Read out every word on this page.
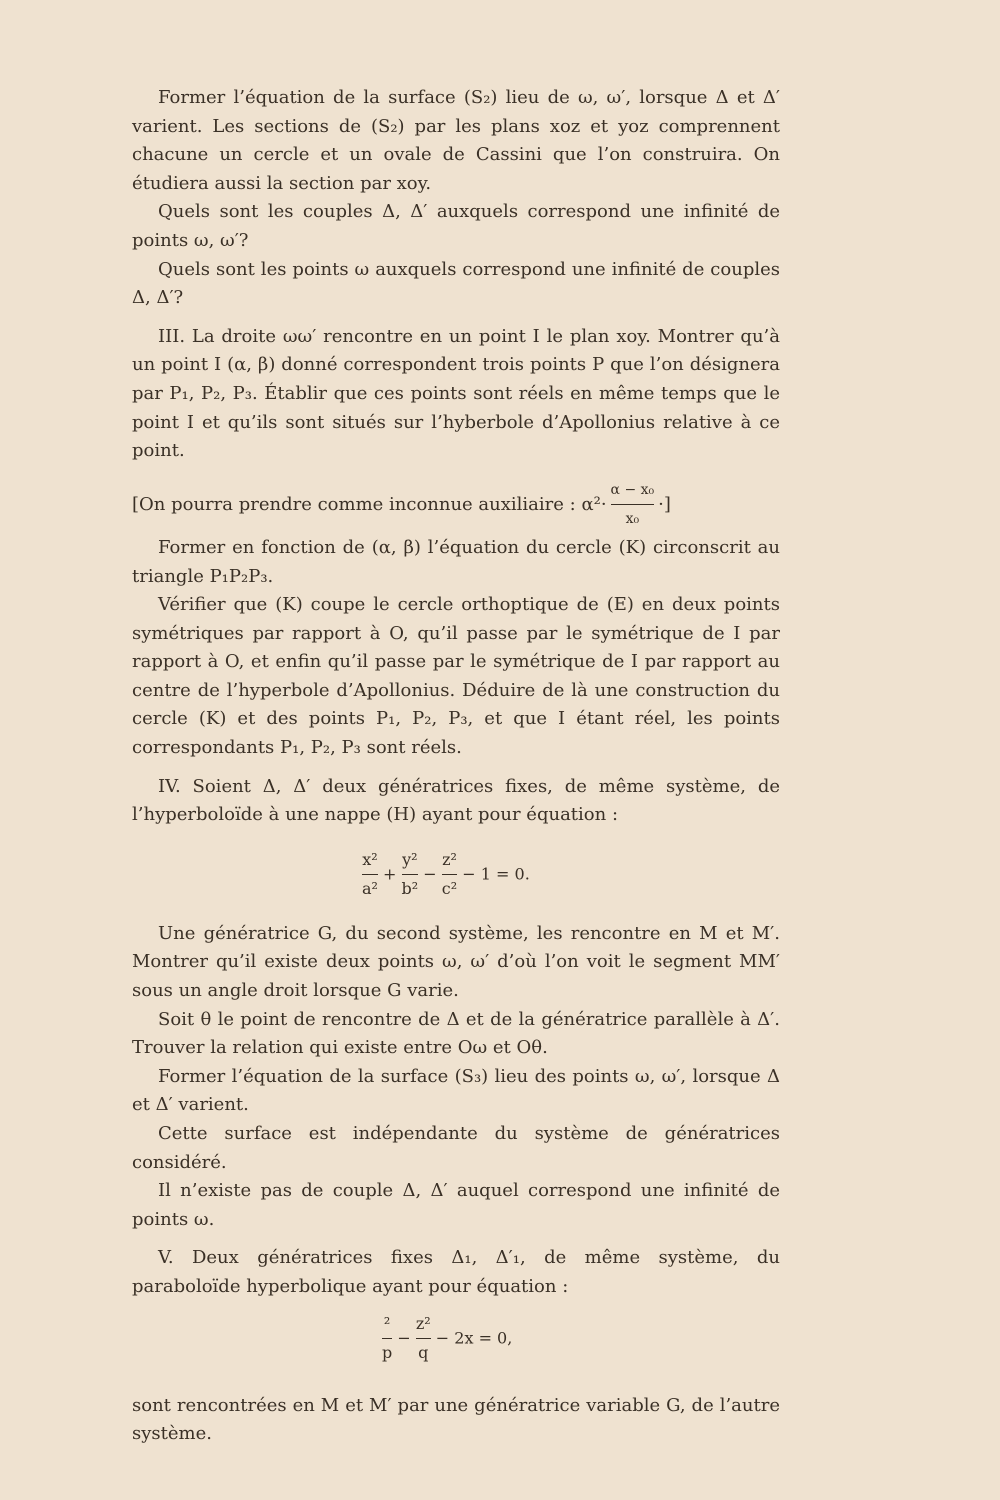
Former l’équation de la surface (S₂) lieu de ω, ω′, lorsque Δ et Δ′ varient. Les sections de (S₂) par les plans xoz et yoz comprennent chacune un cercle et un ovale de Cassini que l’on construira. On étudiera aussi la section par xoy.

Quels sont les couples Δ, Δ′ auxquels correspond une infinité de points ω, ω′?

Quels sont les points ω auxquels correspond une infinité de couples Δ, Δ′?

III. La droite ωω′ rencontre en un point I le plan xoy. Montrer qu’à un point I (α, β) donné correspondent trois points P que l’on désignera par P₁, P₂, P₃. Établir que ces points sont réels en même temps que le point I et qu’ils sont situés sur l’hyberbole d’Apollonius relative à ce point.

[On pourra prendre comme inconnue auxiliaire : $\alpha^2\cdot \frac{\text{α − x₀}}{\text{x₀}}$ ·]

Former en fonction de (α, β) l’équation du cercle (K) circonscrit au triangle P₁P₂P₃.

Vérifier que (K) coupe le cercle orthoptique de (E) en deux points symétriques par rapport à O, qu’il passe par le symétrique de I par rapport à O, et enfin qu’il passe par le symétrique de I par rapport au centre de l’hyperbole d’Apollonius. Déduire de là une construction du cercle (K) et des points P₁, P₂, P₃, et que I étant réel, les points correspondants P₁, P₂, P₃ sont réels.

IV. Soient Δ, Δ′ deux génératrices fixes, de même système, de l’hyperboloïde à une nappe (H) ayant pour équation :

$\frac{\text{x²}}{\text{a²}} + \frac{\text{y²}}{\text{b²}} - \frac{\text{z²}}{\text{c²}} - 1 = 0$.

Une génératrice G, du second système, les rencontre en M et M′. Montrer qu’il existe deux points ω, ω′ d’où l’on voit le segment MM′ sous un angle droit lorsque G varie.

Soit θ le point de rencontre de Δ et de la génératrice parallèle à Δ′. Trouver la relation qui existe entre Oω et Oθ.

Former l’équation de la surface (S₃) lieu des points ω, ω′, lorsque Δ et Δ′ varient.

Cette surface est indépendante du système de génératrices considéré.

Il n’existe pas de couple Δ, Δ′ auquel correspond une infinité de points ω.

V. Deux génératrices fixes Δ₁, Δ′₁, de même système, du paraboloïde hyperbolique ayant pour équation :

$\frac{\text{²}}{p} - \frac{\text{z²}}{q} - 2x = 0$,

sont rencontrées en M et M′ par une génératrice variable G, de l’autre système.
